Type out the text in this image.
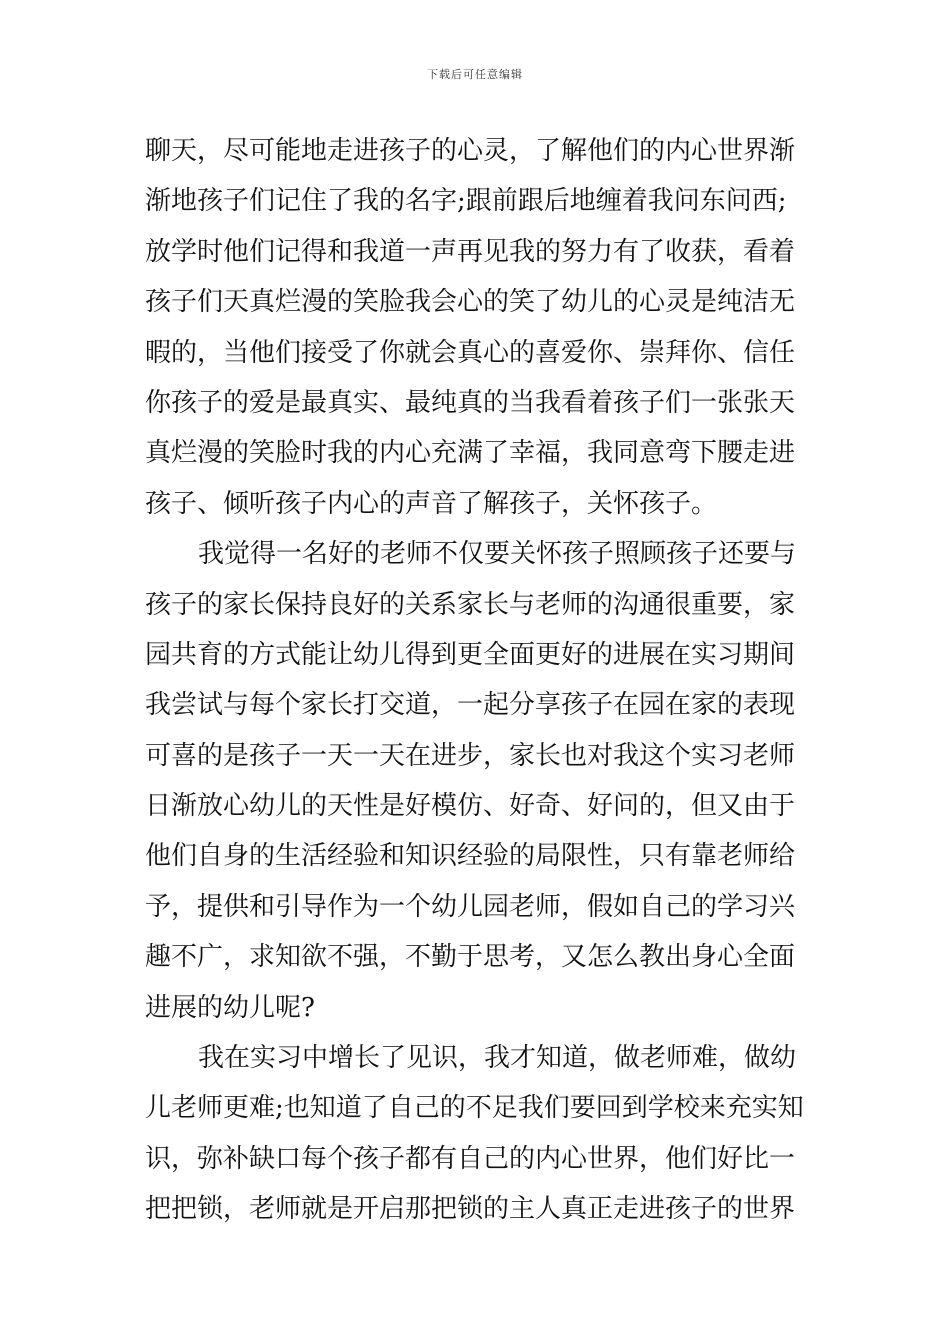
下载后可任意编辑
聊天，尽可能地走进孩子的心灵，了解他们的内心世界渐
渐地孩子们记住了我的名字;跟前跟后地缠着我问东问西;
放学时他们记得和我道一声再见我的努力有了收获，看着
孩子们天真烂漫的笑脸我会心的笑了幼儿的心灵是纯洁无
暇的，当他们接受了你就会真心的喜爱你、崇拜你、信任
你孩子的爱是最真实、最纯真的当我看着孩子们一张张天
真烂漫的笑脸时我的内心充满了幸福，我同意弯下腰走进
孩子、倾听孩子内心的声音了解孩子，关怀孩子。
我觉得一名好的老师不仅要关怀孩子照顾孩子还要与
孩子的家长保持良好的关系家长与老师的沟通很重要，家
园共育的方式能让幼儿得到更全面更好的进展在实习期间
我尝试与每个家长打交道，一起分享孩子在园在家的表现
可喜的是孩子一天一天在进步，家长也对我这个实习老师
日渐放心幼儿的天性是好模仿、好奇、好问的，但又由于
他们自身的生活经验和知识经验的局限性，只有靠老师给
予，提供和引导作为一个幼儿园老师，假如自己的学习兴
趣不广，求知欲不强，不勤于思考，又怎么教出身心全面
进展的幼儿呢?
我在实习中增长了见识，我才知道，做老师难，做幼
儿老师更难;也知道了自己的不足我们要回到学校来充实知
识，弥补缺口每个孩子都有自己的内心世界，他们好比一
把把锁，老师就是开启那把锁的主人真正走进孩子的世界
